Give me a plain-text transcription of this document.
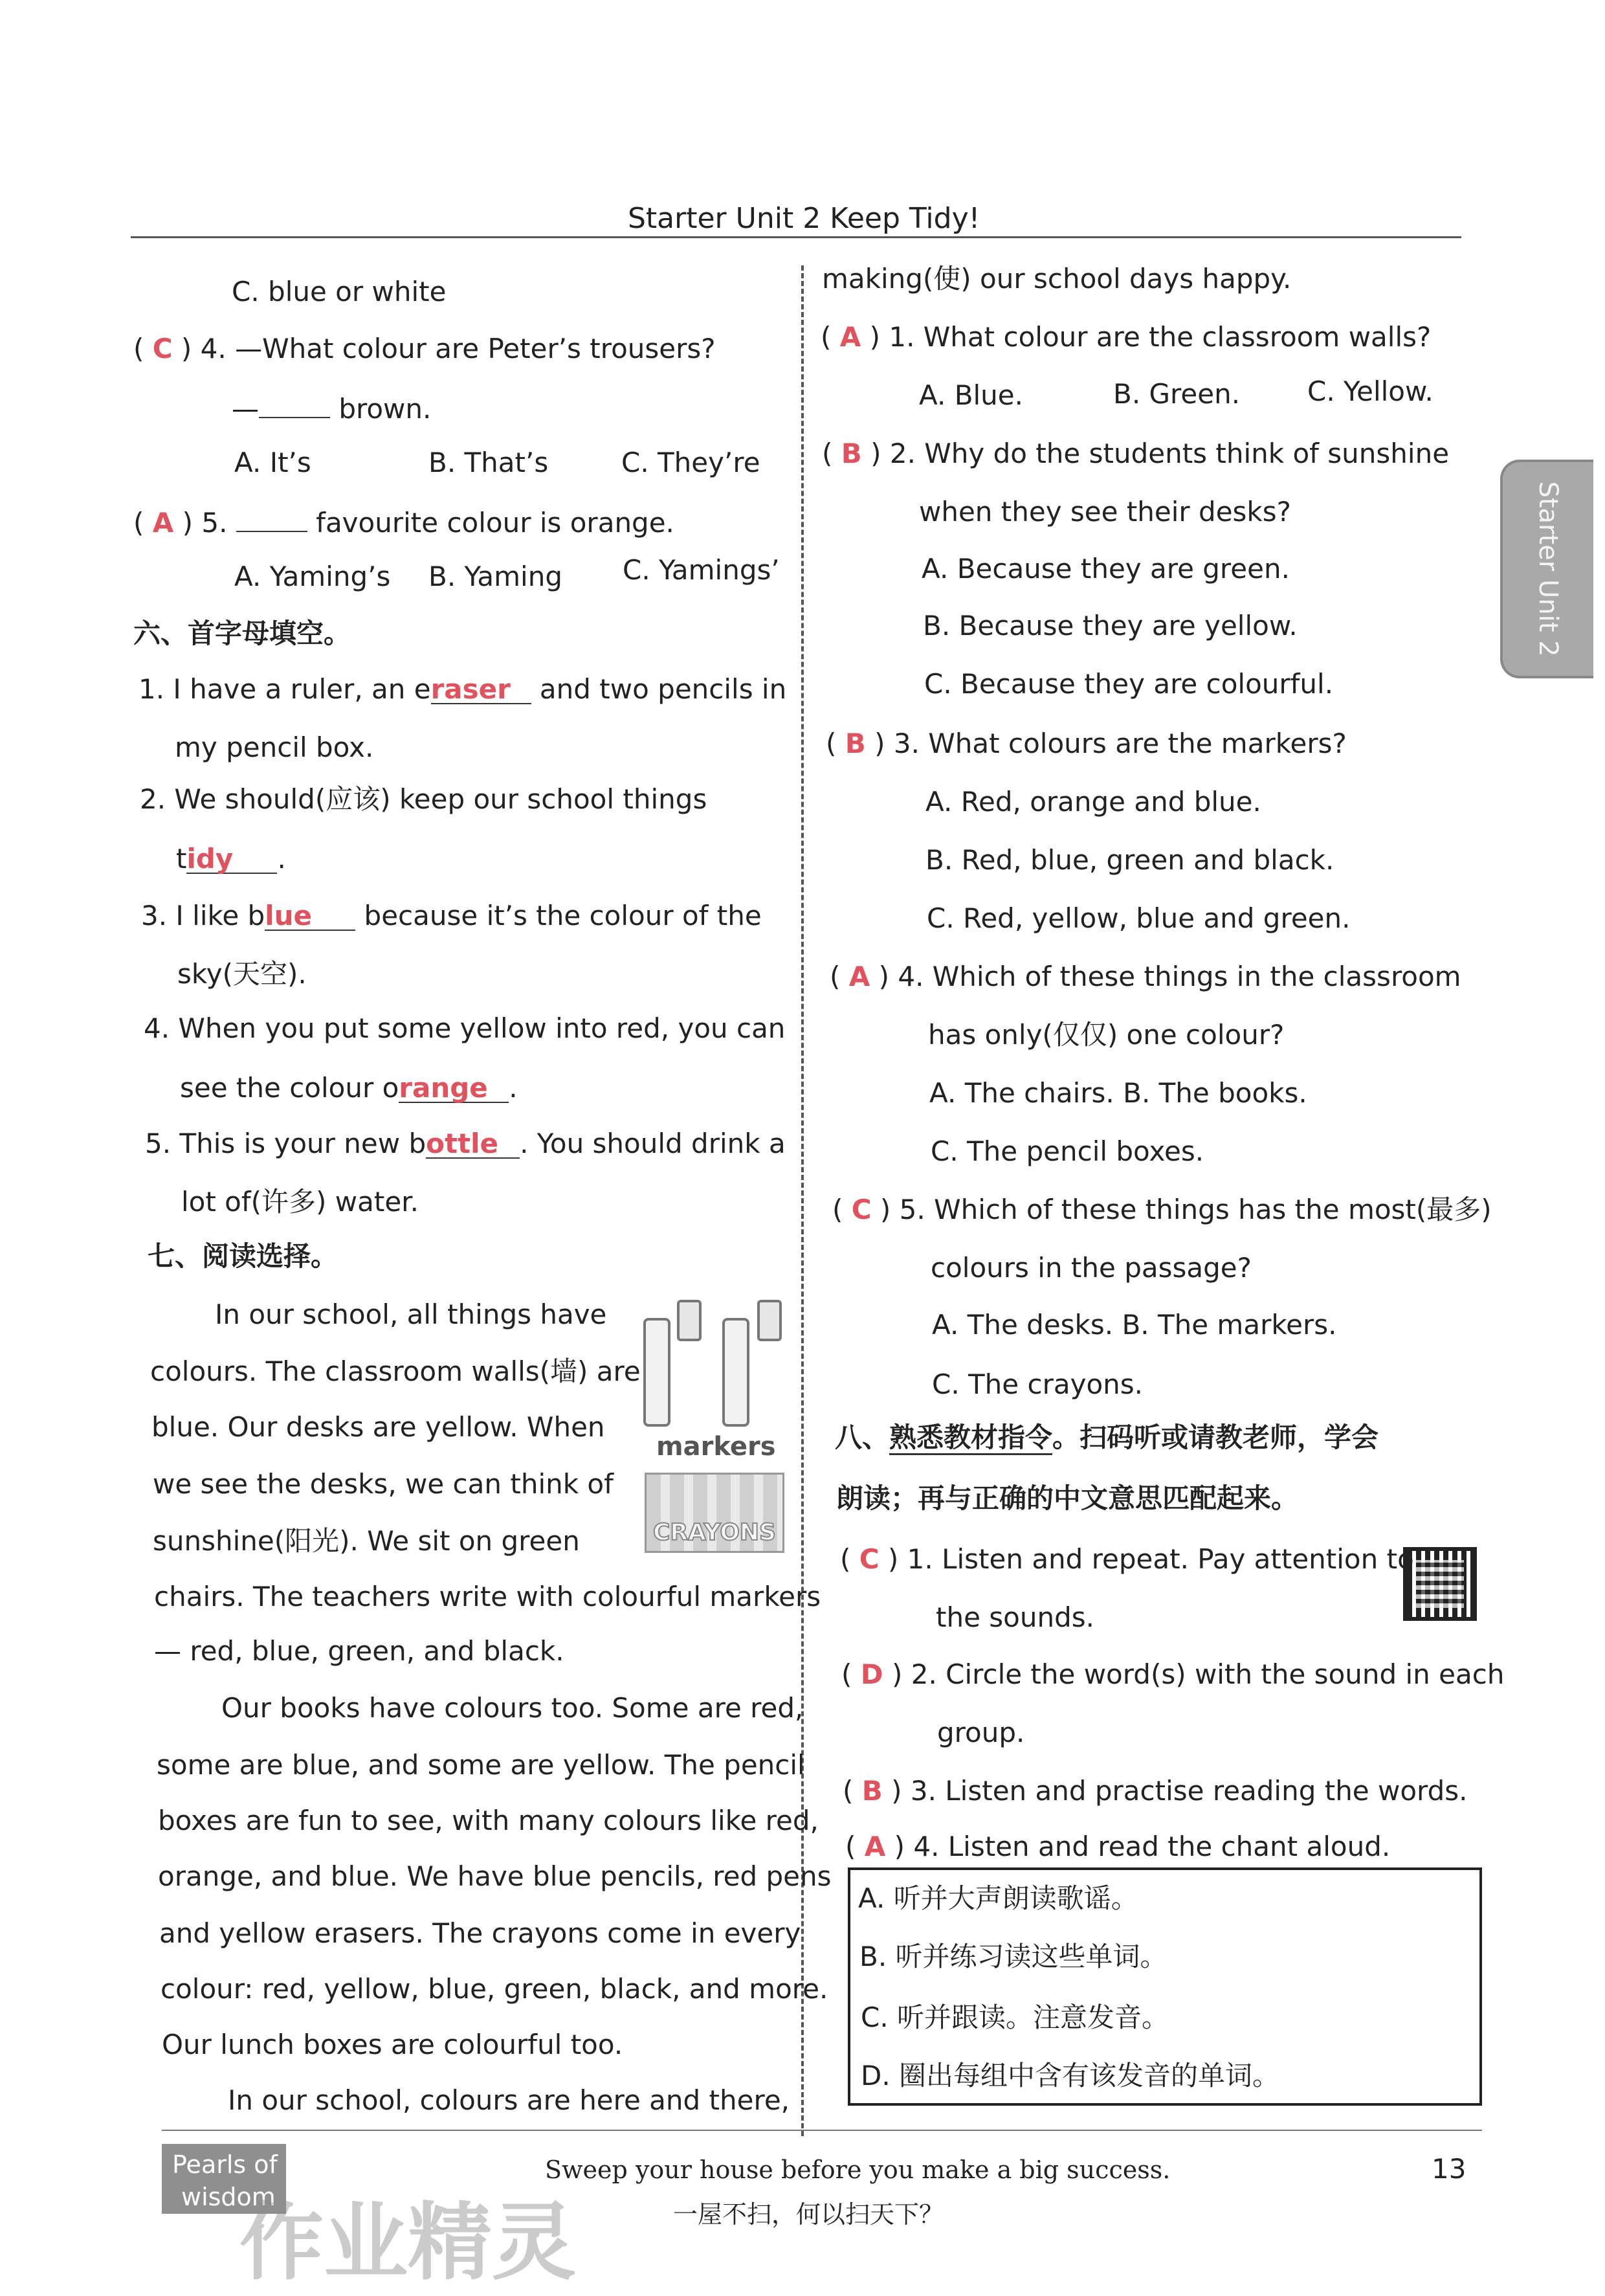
Starter Unit 2 Keep Tidy!
Starter Unit 2
C. blue or white
( C ) 4. —What colour are Peter’s trousers?
—	brown.
A. It’s	B. That’s	C. They’re
( A ) 5.	favourite colour is orange.
A. Yaming’s B. Yaming C. Yamings’
六、首字母填空。
1. I have a ruler, an eraser and two pencils in
my pencil box.
2. We should(应该) keep our school things
tidy .
3. I like blue because it’s the colour of the
sky(天空).
4. When you put some yellow into red, you can
see the colour orange .
5. This is your new bottle . You should drink a
lot of(许多) water.
七、阅读选择。
In our school, all things have
colours. The classroom walls(墙) are
blue. Our desks are yellow. When
we see the desks, we can think of
sunshine(阳光). We sit on green
chairs. The teachers write with colourful markers
— red, blue, green, and black.
Our books have colours too. Some are red,
some are blue, and some are yellow. The pencil
boxes are fun to see, with many colours like red,
orange, and blue. We have blue pencils, red pens
and yellow erasers. The crayons come in every
colour: red, yellow, blue, green, black, and more.
Our lunch boxes are colourful too.
In our school, colours are here and there,
markers
CRAYONS
making(使) our school days happy.
( A ) 1. What colour are the classroom walls?
A. Blue.	B. Green. C. Yellow.
( B ) 2. Why do the students think of sunshine
when they see their desks?
A. Because they are green.
B. Because they are yellow.
C. Because they are colourful.
( B ) 3. What colours are the markers?
A. Red, orange and blue.
B. Red, blue, green and black.
C. Red, yellow, blue and green.
( A ) 4. Which of these things in the classroom
has only(仅仅) one colour?
A. The chairs. B. The books.
C. The pencil boxes.
( C ) 5. Which of these things has the most(最多)
colours in the passage?
A. The desks. B. The markers.
C. The crayons.
八、熟悉教材指令。扫码听或请教老师，学会
朗读；再与正确的中文意思匹配起来。
( C ) 1. Listen and repeat. Pay attention to
the sounds.
( D ) 2. Circle the word(s) with the sound in each
group.
( B ) 3. Listen and practise reading the words.
( A ) 4. Listen and read the chant aloud.
A. 听并大声朗读歌谣。
B. 听并练习读这些单词。
C. 听并跟读。注意发音。
D. 圈出每组中含有该发音的单词。
Pearls of
wisdom
Sweep your house before you make a big success.
一屋不扫，何以扫天下？
13
作业精灵
